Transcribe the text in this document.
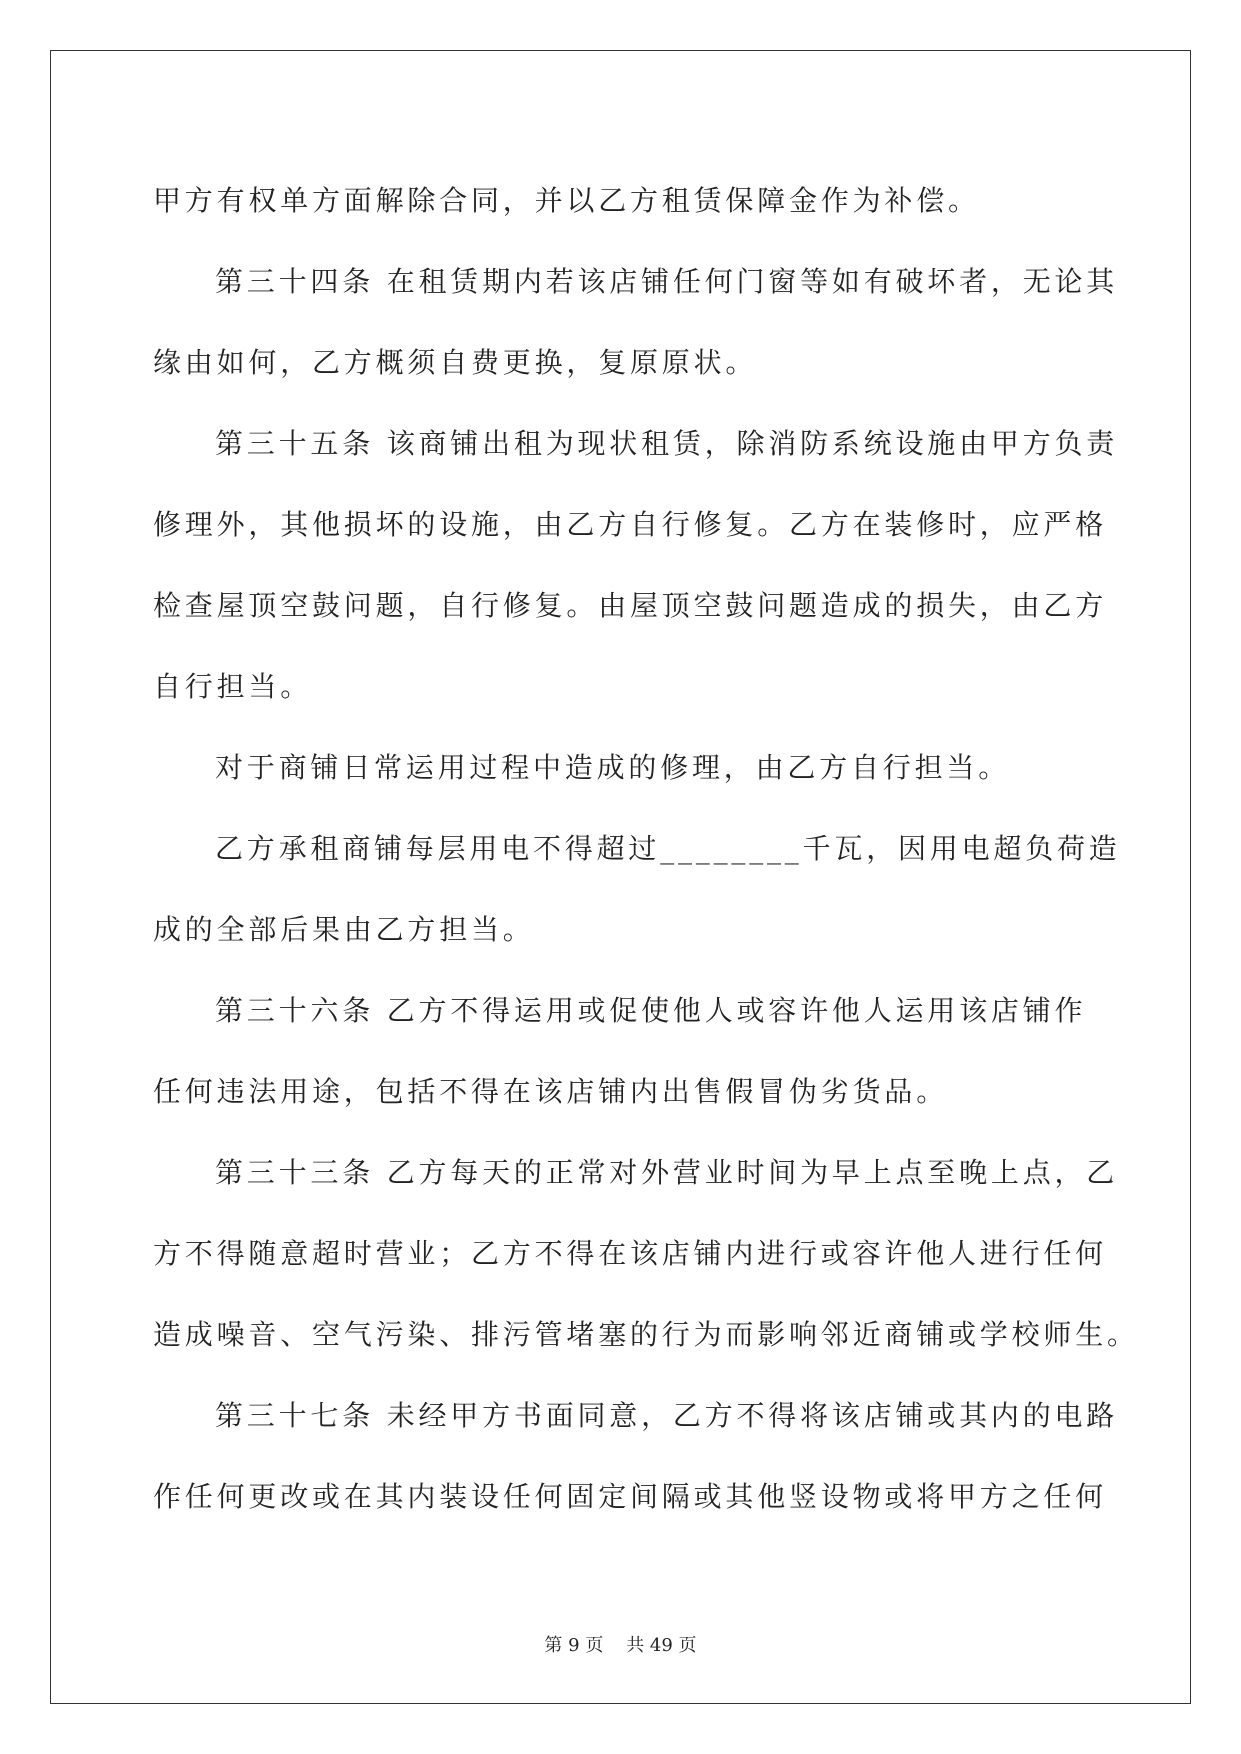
甲方有权单方面解除合同，并以乙方租赁保障金作为补偿。
第三十四条 在租赁期内若该店铺任何门窗等如有破坏者，无论其
缘由如何，乙方概须自费更换，复原原状。
第三十五条 该商铺出租为现状租赁，除消防系统设施由甲方负责
修理外，其他损坏的设施，由乙方自行修复。乙方在装修时，应严格
检查屋顶空鼓问题，自行修复。由屋顶空鼓问题造成的损失，由乙方
自行担当。
对于商铺日常运用过程中造成的修理，由乙方自行担当。
乙方承租商铺每层用电不得超过________千瓦，因用电超负荷造
成的全部后果由乙方担当。
第三十六条 乙方不得运用或促使他人或容许他人运用该店铺作
任何违法用途，包括不得在该店铺内出售假冒伪劣货品。
第三十三条 乙方每天的正常对外营业时间为早上点至晚上点，乙
方不得随意超时营业；乙方不得在该店铺内进行或容许他人进行任何
造成噪音、空气污染、排污管堵塞的行为而影响邻近商铺或学校师生。
第三十七条 未经甲方书面同意，乙方不得将该店铺或其内的电路
作任何更改或在其内装设任何固定间隔或其他竖设物或将甲方之任何
第 9 页    共 49 页
